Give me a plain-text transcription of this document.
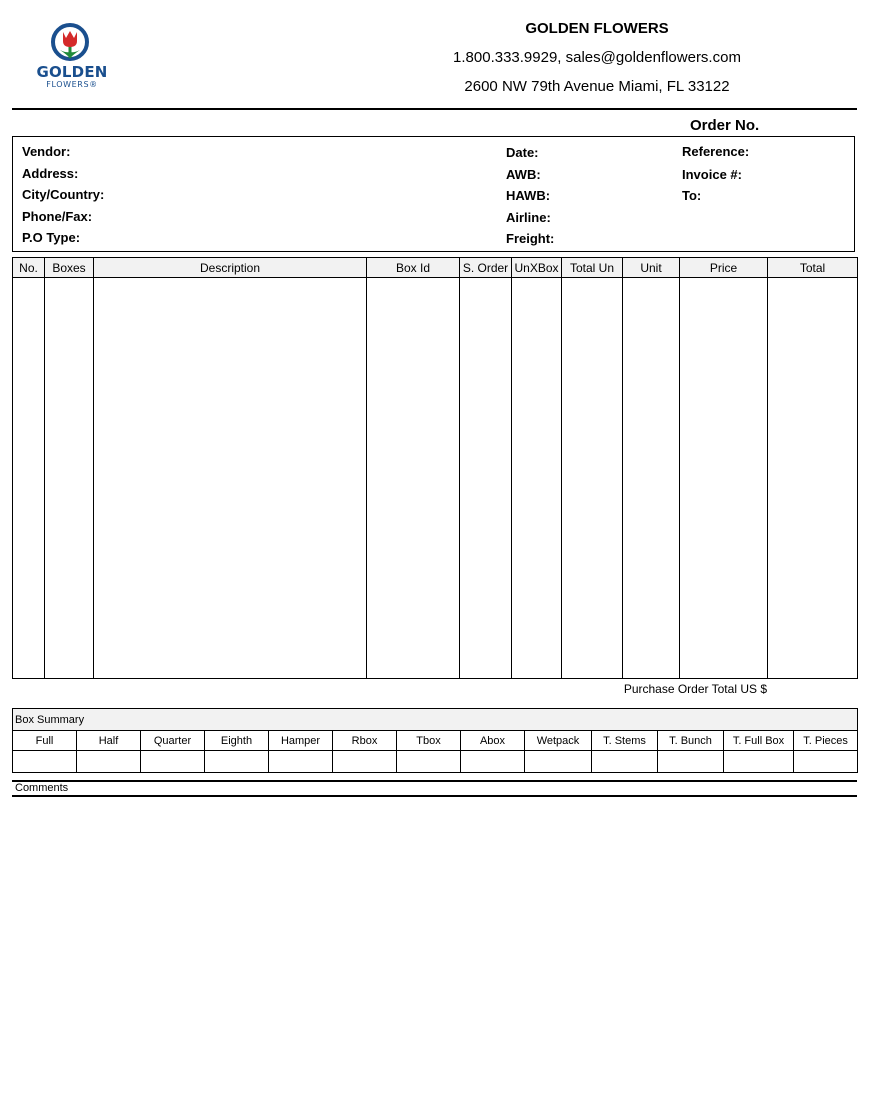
GOLDEN
FLOWERS®
GOLDEN FLOWERS
1.800.333.9929, sales@goldenflowers.com
2600 NW 79th Avenue Miami, FL 33122
Order No.
Vendor:
Address:
City/Country:
Phone/Fax:
P.O Type:
Date:
AWB:
HAWB:
Airline:
Freight:
Reference:
Invoice #:
To:
No.	Boxes	Description	Box Id	S. Order	UnXBox	Total Un	Unit	Price	Total

Purchase Order Total US $
Box Summary												
Full	Half	Quarter	Eighth	Hamper	Rbox	Tbox	Abox	Wetpack	T. Stems	T. Bunch	T. Full Box	T. Pieces

Comments
